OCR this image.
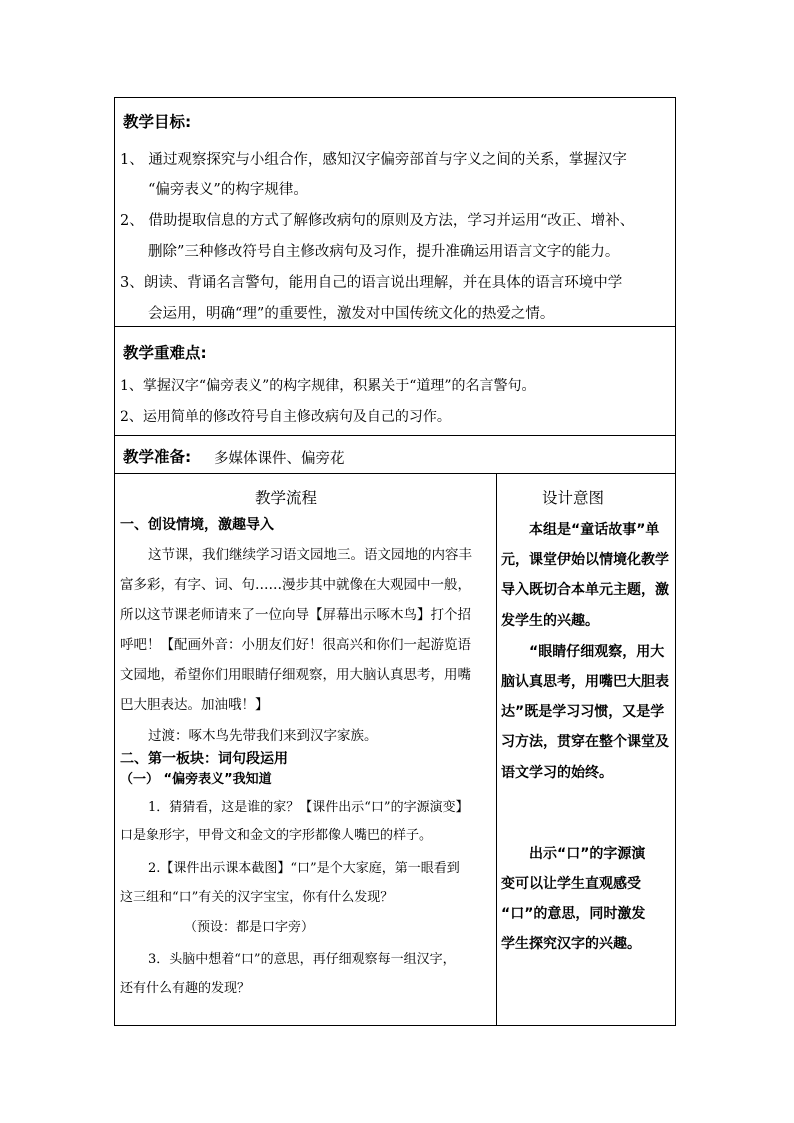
教学目标:
1、 通过观察探究与小组合作，感知汉字偏旁部首与字义之间的关系，掌握汉字
“偏旁表义”的构字规律。
2、 借助提取信息的方式了解修改病句的原则及方法，学习并运用“改正、增补、
删除”三种修改符号自主修改病句及习作，提升准确运用语言文字的能力。
3、朗读、背诵名言警句，能用自己的语言说出理解，并在具体的语言环境中学
会运用，明确“理”的重要性，激发对中国传统文化的热爱之情。
教学重难点:
1、掌握汉字“偏旁表义”的构字规律，积累关于“道理”的名言警句。
2、运用简单的修改符号自主修改病句及自己的习作。
教学准备: 多媒体课件、偏旁花
教学流程	设计意图
一、创设情境，激趣导入
这节课，我们继续学习语文园地三。语文园地的内容丰
富多彩，有字、词、句……漫步其中就像在大观园中一般，
所以这节课老师请来了一位向导【屏幕出示啄木鸟】打个招
呼吧！【配画外音：小朋友们好！很高兴和你们一起游览语
文园地，希望你们用眼睛仔细观察，用大脑认真思考，用嘴
巴大胆表达。加油哦！】
过渡：啄木鸟先带我们来到汉字家族。
二、第一板块：词句段运用
（一） “偏旁表义”我知道
1．猜猜看，这是谁的家？【课件出示“口”的字源演变】
口是象形字，甲骨文和金文的字形都像人嘴巴的样子。
2.【课件出示课本截图】“口”是个大家庭，第一眼看到
这三组和“口”有关的汉字宝宝，你有什么发现？
（预设：都是口字旁）
3．头脑中想着“口”的意思，再仔细观察每一组汉字，
还有什么有趣的发现？
本组是“童话故事”单
元，课堂伊始以情境化教学
导入既切合本单元主题，激
发学生的兴趣。
“眼睛仔细观察，用大
脑认真思考，用嘴巴大胆表
达”既是学习习惯，又是学
习方法，贯穿在整个课堂及
语文学习的始终。
出示“口”的字源演
变可以让学生直观感受
“口”的意思，同时激发
学生探究汉字的兴趣。
